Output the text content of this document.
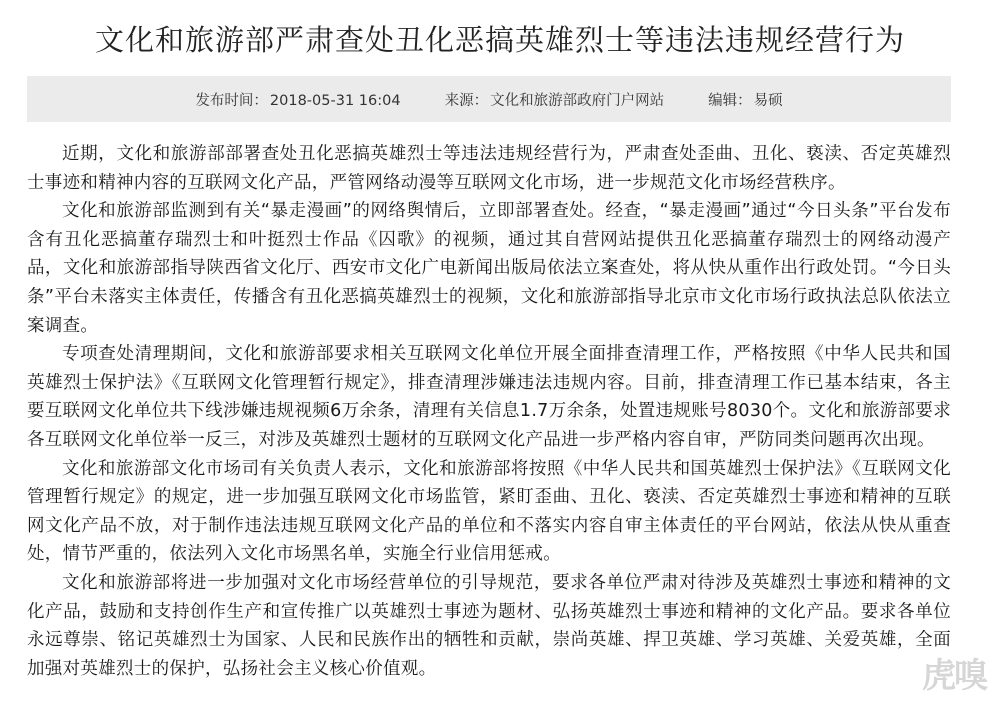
文化和旅游部严肃查处丑化恶搞英雄烈士等违法违规经营行为
发布时间： 2018-05-31 16:04	来源： 文化和旅游部政府门户网站	编辑： 易硕

近期，文化和旅游部部署查处丑化恶搞英雄烈士等违法违规经营行为，严肃查处歪曲、丑化、亵渎、否定英雄烈士事迹和精神内容的互联网文化产品，严管网络动漫等互联网文化市场，进一步规范文化市场经营秩序。

文化和旅游部监测到有关“暴走漫画”的网络舆情后，立即部署查处。经查，“暴走漫画”通过“今日头条”平台发布含有丑化恶搞董存瑞烈士和叶挺烈士作品《囚歌》的视频，通过其自营网站提供丑化恶搞董存瑞烈士的网络动漫产品，文化和旅游部指导陕西省文化厅、西安市文化广电新闻出版局依法立案查处，将从快从重作出行政处罚。“今日头条”平台未落实主体责任，传播含有丑化恶搞英雄烈士的视频，文化和旅游部指导北京市文化市场行政执法总队依法立案调查。

专项查处清理期间，文化和旅游部要求相关互联网文化单位开展全面排查清理工作，严格按照《中华人民共和国英雄烈士保护法》《互联网文化管理暂行规定》，排查清理涉嫌违法违规内容。目前，排查清理工作已基本结束，各主要互联网文化单位共下线涉嫌违规视频6万余条，清理有关信息1.7万余条，处置违规账号8030个。文化和旅游部要求各互联网文化单位举一反三，对涉及英雄烈士题材的互联网文化产品进一步严格内容自审，严防同类问题再次出现。

文化和旅游部文化市场司有关负责人表示，文化和旅游部将按照《中华人民共和国英雄烈士保护法》《互联网文化管理暂行规定》的规定，进一步加强互联网文化市场监管，紧盯歪曲、丑化、亵渎、否定英雄烈士事迹和精神的互联网文化产品不放，对于制作违法违规互联网文化产品的单位和不落实内容自审主体责任的平台网站，依法从快从重查处，情节严重的，依法列入文化市场黑名单，实施全行业信用惩戒。

文化和旅游部将进一步加强对文化市场经营单位的引导规范，要求各单位严肃对待涉及英雄烈士事迹和精神的文化产品，鼓励和支持创作生产和宣传推广以英雄烈士事迹为题材、弘扬英雄烈士事迹和精神的文化产品。要求各单位永远尊崇、铭记英雄烈士为国家、人民和民族作出的牺牲和贡献，崇尚英雄、捍卫英雄、学习英雄、关爱英雄，全面加强对英雄烈士的保护，弘扬社会主义核心价值观。	虎嗅
